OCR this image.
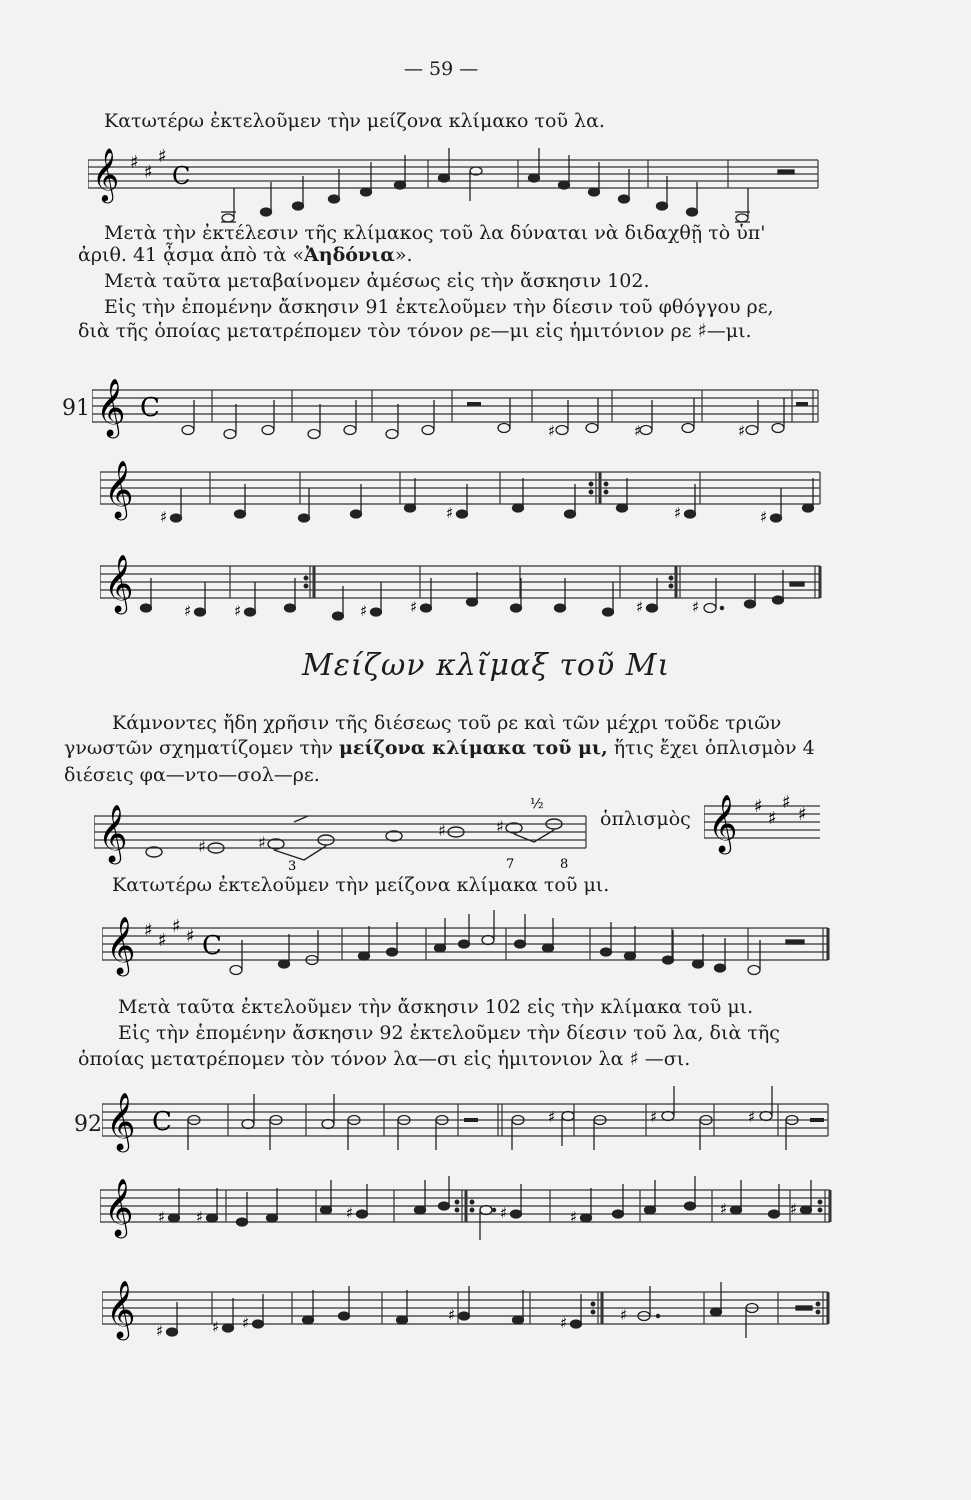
— 59 —
Κατωτέρω ἐκτελοῦμεν τὴν μείζονα κλίμακο τοῦ λα.
𝄞 ♯ ♯
♯
C
Μετὰ τὴν ἐκτέλεσιν τῆς κλίμακος τοῦ λα δύναται νὰ διδαχθῇ τὸ ὑπ'
ἀριθ. 41 ᾆσμα ἀπὸ τὰ «Ἀηδόνια».
Μετὰ ταῦτα μεταβαίνομεν ἀμέσως εἰς τὴν ἄσκησιν 102.
Εἰς τὴν ἑπομένην ἄσκησιν 91 ἐκτελοῦμεν τὴν δίεσιν τοῦ φθόγγου ρε,
διὰ τῆς ὁποίας μετατρέπομεν τὸν τόνον ρε—μι εἰς ἡμιτόνιον ρε ♯—μι.
91 𝄞 C
♯	♯	♯
𝄞 ♯	♯	♯	♯
𝄞	♯	♯	♯	♯	♯	♯
Μείζων κλῖμαξ τοῦ Μι
Κάμνοντες ἤδη χρῆσιν τῆς διέσεως τοῦ ρε καὶ τῶν μέχρι τοῦδε τριῶν
γνωστῶν σχηματίζομεν τὴν μείζονα κλίμακα τοῦ μι, ἥτις ἔχει ὁπλισμὸν 4
διέσεις φα—ντο—σολ—ρε.
𝄞	♯	♯
♯	♯
½
3	7	8
ὁπλισμὸς 𝄞 ♯
♯
♯
♯
Κατωτέρω ἐκτελοῦμεν τὴν μείζονα κλίμακα τοῦ μι.
𝄞 ♯ ♯
♯ ♯ C
Μετὰ ταῦτα ἐκτελοῦμεν τὴν ἄσκησιν 102 εἰς τὴν κλίμακα τοῦ μι.
Εἰς τὴν ἑπομένην ἄσκησιν 92 ἐκτελοῦμεν τὴν δίεσιν τοῦ λα, διὰ τῆς
ὁποίας μετατρέπομεν τὸν τόνον λα—σι εἰς ἡμιτονιον λα ♯ —σι.
92 𝄞 C	♯	♯	♯
𝄞 ♯ ♯	♯	♯	♯	♯	♯
𝄞 ♯	♯ ♯	♯	♯	♯
